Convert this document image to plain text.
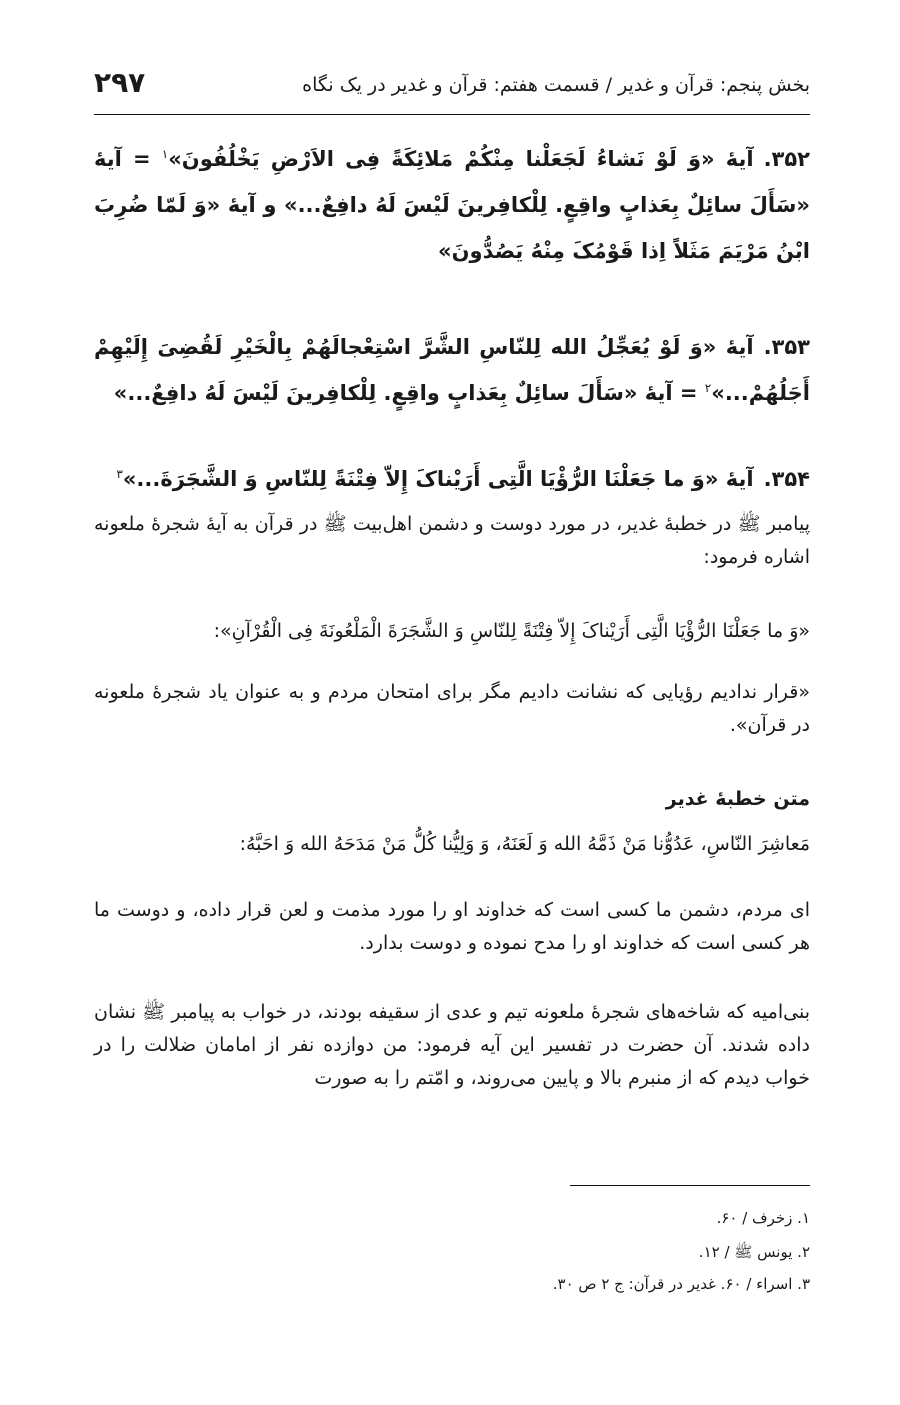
بخش پنجم: قرآن و غدیر / قسمت هفتم: قرآن و غدیر در یک نگاه
۲۹۷
۳۵۲.آیهٔ «وَ لَوْ نَشاءُ لَجَعَلْنا مِنْکُمْ مَلائِکَةً فِی الاَرْضِ یَخْلُفُونَ»$^۱$ = آیهٔ «سَأَلَ سائِلٌ بِعَذابٍ واقِعٍ. لِلْکافِرینَ لَیْسَ لَهُ دافِعٌ...» و آیهٔ «وَ لَمّا ضُرِبَ ابْنُ مَرْیَمَ مَثَلاً اِذا قَوْمُکَ مِنْهُ یَصُدُّونَ»
۳۵۳.آیهٔ «وَ لَوْ یُعَجِّلُ الله لِلنّاسِ الشَّرَّ اسْتِعْجالَهُمْ بِالْخَیْرِ لَقُضِیَ إِلَیْهِمْ أَجَلُهُمْ...»$^۲$ = آیهٔ «سَأَلَ سائِلٌ بِعَذابٍ واقِعٍ. لِلْکافِرینَ لَیْسَ لَهُ دافِعٌ...»
۳۵۴.آیهٔ «وَ ما جَعَلْنَا الرُّؤْیَا الَّتِی أَرَیْناکَ إِلاّ فِتْنَةً لِلنّاسِ وَ الشَّجَرَةَ...»$^۳$
پیامبر ﷺ در خطبهٔ غدیر، در مورد دوست و دشمن اهل‌بیت ﷺ در قرآن به آیهٔ شجرهٔ ملعونه اشاره فرمود:
«وَ ما جَعَلْنَا الرُّؤْیَا الَّتِی أَرَیْناکَ إِلاّ فِتْنَةً لِلنّاسِ وَ الشَّجَرَةَ الْمَلْعُونَةَ فِی الْقُرْآنِ»:
«قرار ندادیم رؤیایی که نشانت دادیم مگر برای امتحان مردم و به عنوان یاد شجرهٔ ملعونه در قرآن».
متن خطبهٔ غدیر
مَعاشِرَ النّاسِ، عَدُوُّنا مَنْ ذَمَّهُ الله وَ لَعَنَهُ، وَ وَلِیُّنا کُلُّ مَنْ مَدَحَهُ الله وَ احَبَّهُ:
ای مردم، دشمن ما کسی است که خداوند او را مورد مذمت و لعن قرار داده، و دوست ما هر کسی است که خداوند او را مدح نموده و دوست بدارد.
بنی‌امیه که شاخه‌های شجرهٔ ملعونه تیم و عدی از سقیفه بودند، در خواب به پیامبر ﷺ نشان داده شدند. آن حضرت در تفسیر این آیه فرمود: من دوازده نفر از امامان ضلالت را در خواب دیدم که از منبرم بالا و پایین می‌روند، و امّتم را به صورت
۱. زخرف / ۶۰.
۲. یونس ﷺ / ۱۲.
۳. اسراء / ۶۰. غدیر در قرآن: ج ۲ ص ۳۰.
